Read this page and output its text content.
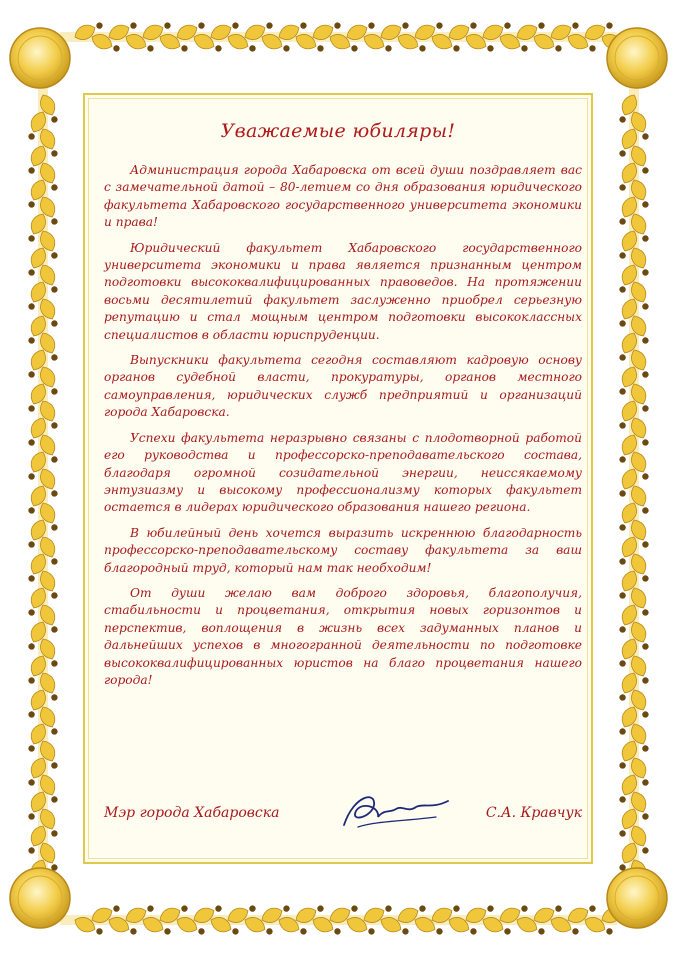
Уважаемые юбиляры!

Администрация города Хабаровска от всей души поздравляет вас с замечательной датой – 80-летием со дня образования юридического факультета Хабаровского государственного университета экономики и права!

Юридический факультет Хабаровского государственного университета экономики и права является признанным центром подготовки высококвалифицированных правоведов. На протяжении восьми десятилетий факультет заслуженно приобрел серьезную репутацию и стал мощным центром подготовки высококлассных специалистов в области юриспруденции.

Выпускники факультета сегодня составляют кадровую основу органов судебной власти, прокуратуры, органов местного самоуправления, юридических служб предприятий и организаций города Хабаровска.

Успехи факультета неразрывно связаны с плодотворной работой его руководства и профессорско-преподавательского состава, благодаря огромной созидательной энергии, неиссякаемому энтузиазму и высокому профессионализму которых факультет остается в лидерах юридического образования нашего региона.

В юбилейный день хочется выразить искреннюю благодарность профессорско-преподавательскому составу факультета за ваш благородный труд, который нам так необходим!

От души желаю вам доброго здоровья, благополучия, стабильности и процветания, открытия новых горизонтов и перспектив, воплощения в жизнь всех задуманных планов и дальнейших успехов в многогранной деятельности по подготовке высококвалифицированных юристов на благо процветания нашего города!

Мэр города Хабаровска	С.А. Кравчук
